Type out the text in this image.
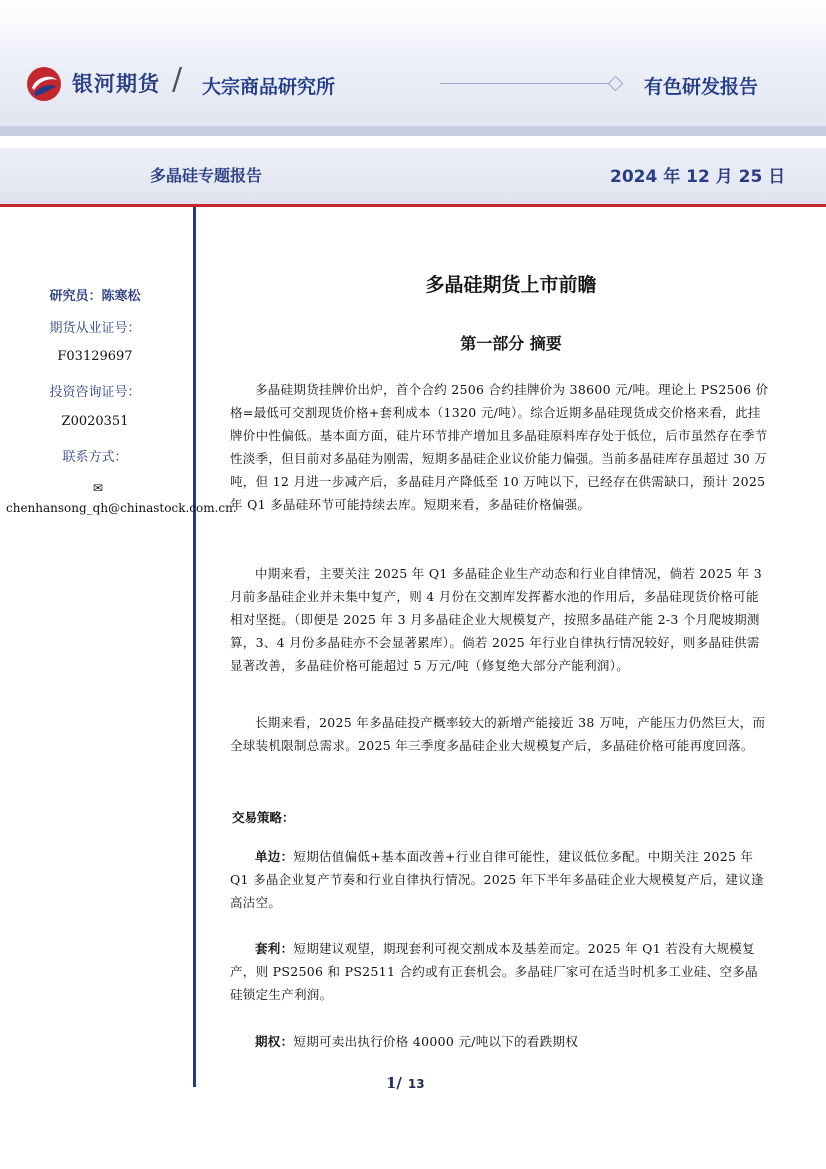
银河期货 / 大宗商品研究所	有色研发报告
多晶硅专题报告	2024 年 12 月 25 日
研究员：陈寒松
期货从业证号：
F03129697
投资咨询证号：
Z0020351
联系方式：
✉chenhansong_qh@chinastock.com.cn.
多晶硅期货上市前瞻
第一部分 摘要
多晶硅期货挂牌价出炉，首个合约 2506 合约挂牌价为 38600 元/吨。理论上 PS2506 价格=最低可交割现货价格+套利成本（1320 元/吨）。综合近期多晶硅现货成交价格来看，此挂牌价中性偏低。基本面方面，硅片环节排产增加且多晶硅原料库存处于低位，后市虽然存在季节性淡季，但目前对多晶硅为刚需，短期多晶硅企业议价能力偏强。当前多晶硅库存虽超过 30 万吨，但 12 月进一步减产后，多晶硅月产降低至 10 万吨以下，已经存在供需缺口，预计 2025 年 Q1 多晶硅环节可能持续去库。短期来看，多晶硅价格偏强。
中期来看，主要关注 2025 年 Q1 多晶硅企业生产动态和行业自律情况，倘若 2025 年 3 月前多晶硅企业并未集中复产，则 4 月份在交割库发挥蓄水池的作用后，多晶硅现货价格可能相对坚挺。（即便是 2025 年 3 月多晶硅企业大规模复产，按照多晶硅产能 2-3 个月爬坡期测算，3、4 月份多晶硅亦不会显著累库）。倘若 2025 年行业自律执行情况较好，则多晶硅供需显著改善，多晶硅价格可能超过 5 万元/吨（修复绝大部分产能利润）。
长期来看，2025 年多晶硅投产概率较大的新增产能接近 38 万吨，产能压力仍然巨大，而全球装机限制总需求。2025 年三季度多晶硅企业大规模复产后，多晶硅价格可能再度回落。
交易策略：
单边：短期估值偏低+基本面改善+行业自律可能性，建议低位多配。中期关注 2025 年 Q1 多晶企业复产节奏和行业自律执行情况。2025 年下半年多晶硅企业大规模复产后，建议逢高沽空。
套利：短期建议观望，期现套利可视交割成本及基差而定。2025 年 Q1 若没有大规模复产，则 PS2506 和 PS2511 合约或有正套机会。多晶硅厂家可在适当时机多工业硅、空多晶硅锁定生产利润。
期权：短期可卖出执行价格 40000 元/吨以下的看跌期权
1/ 13
